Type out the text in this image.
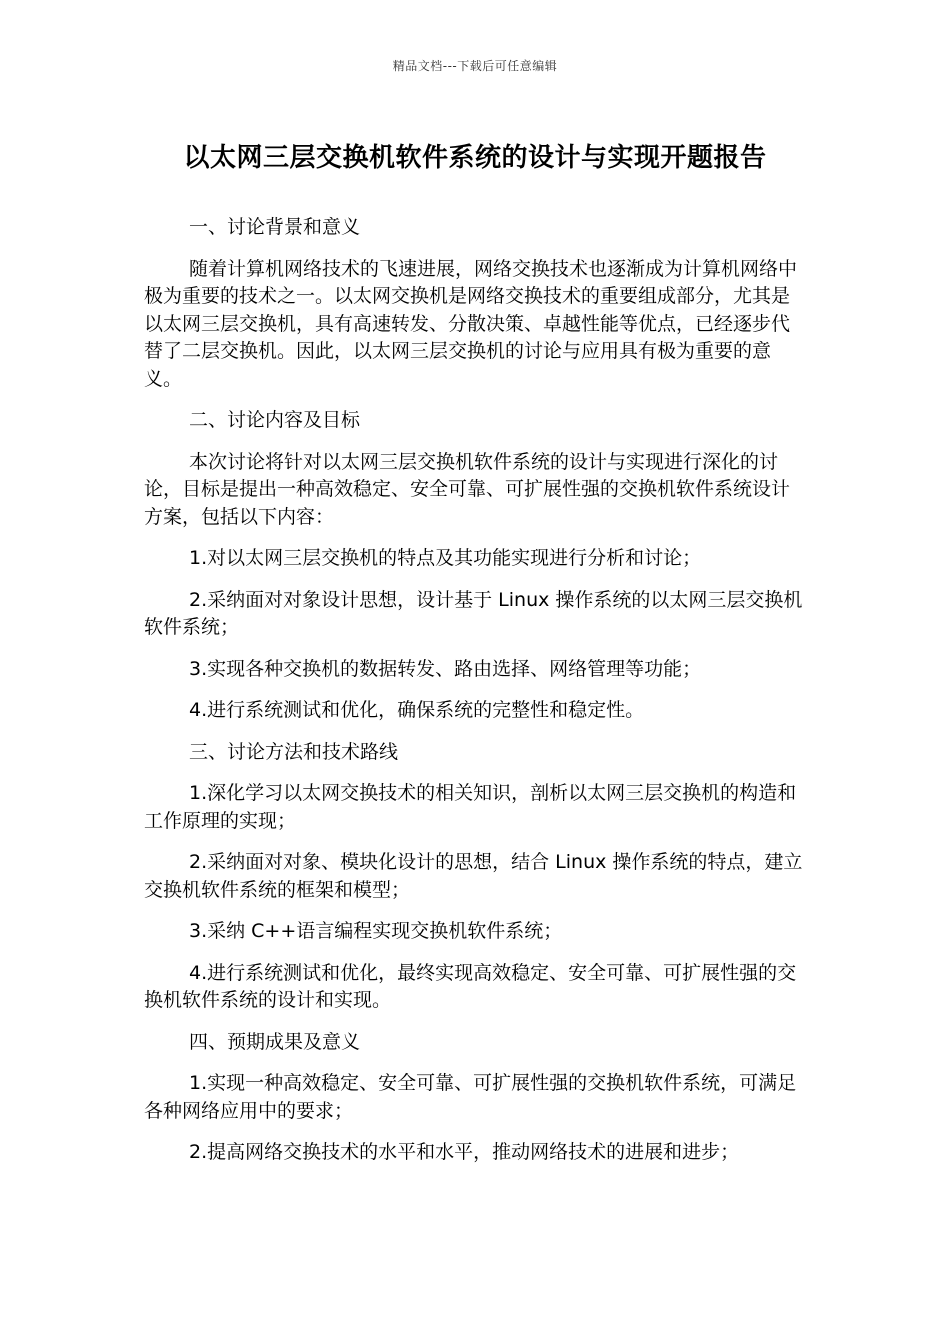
精品文档---下载后可任意编辑
以太网三层交换机软件系统的设计与实现开题报告

一、讨论背景和意义

随着计算机网络技术的飞速进展，网络交换技术也逐渐成为计算机网络中极为重要的技术之一。以太网交换机是网络交换技术的重要组成部分，尤其是以太网三层交换机，具有高速转发、分散决策、卓越性能等优点，已经逐步代替了二层交换机。因此，以太网三层交换机的讨论与应用具有极为重要的意义。

二、讨论内容及目标

本次讨论将针对以太网三层交换机软件系统的设计与实现进行深化的讨论，目标是提出一种高效稳定、安全可靠、可扩展性强的交换机软件系统设计方案，包括以下内容：

1.对以太网三层交换机的特点及其功能实现进行分析和讨论；

2.采纳面对对象设计思想，设计基于 Linux 操作系统的以太网三层交换机软件系统；

3.实现各种交换机的数据转发、路由选择、网络管理等功能；

4.进行系统测试和优化，确保系统的完整性和稳定性。

三、讨论方法和技术路线

1.深化学习以太网交换技术的相关知识，剖析以太网三层交换机的构造和工作原理的实现；

2.采纳面对对象、模块化设计的思想，结合 Linux 操作系统的特点，建立交换机软件系统的框架和模型；

3.采纳 C++语言编程实现交换机软件系统；

4.进行系统测试和优化，最终实现高效稳定、安全可靠、可扩展性强的交换机软件系统的设计和实现。

四、预期成果及意义

1.实现一种高效稳定、安全可靠、可扩展性强的交换机软件系统，可满足各种网络应用中的要求；

2.提高网络交换技术的水平和水平，推动网络技术的进展和进步；
